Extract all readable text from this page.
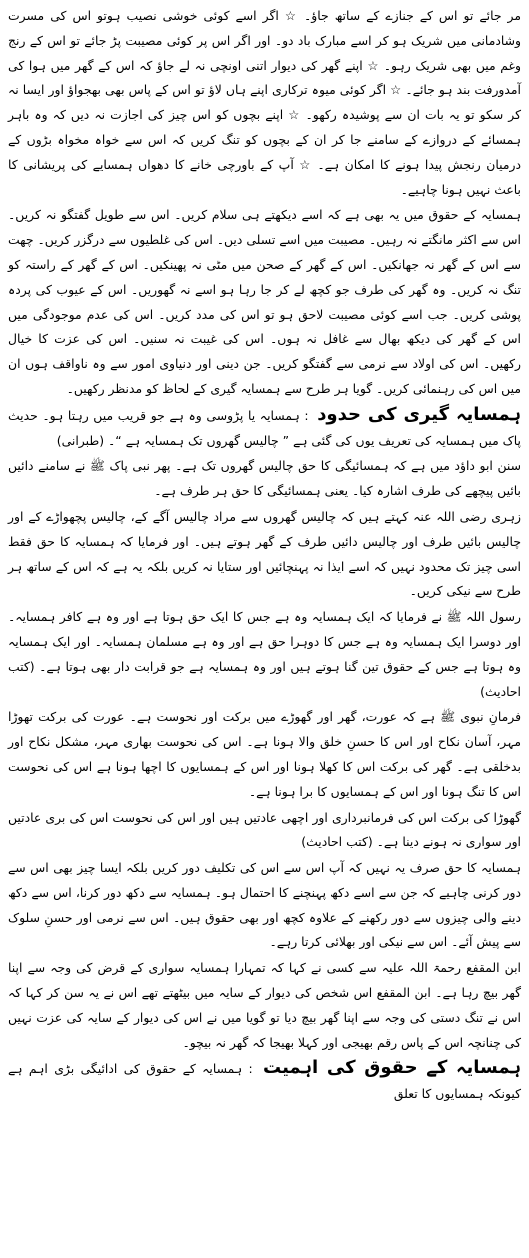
مر جائے تو اس کے جنازے کے ساتھ جاؤ۔ ☆ اگر اسے کوئی خوشی نصیب ہوتو اس کی مسرت وشادمانی میں شریک ہو کر اسے مبارک باد دو۔ اور اگر اس پر کوئی مصیبت پڑ جائے تو اس کے رنج وغم میں بھی شریک رہو۔ ☆ اپنے گھر کی دیوار اتنی اونچی نہ لے جاؤ کہ اس کے گھر میں ہوا کی آمدورفت بند ہو جائے۔ ☆ اگر کوئی میوہ ترکاری اپنے ہاں لاؤ تو اس کے پاس بھی بھجواؤ اور ایسا نہ کر سکو تو یہ بات ان سے پوشیدہ رکھو۔ ☆ اپنے بچوں کو اس چیز کی اجازت نہ دیں کہ وہ باہر ہمسائے کے دروازے کے سامنے جا کر ان کے بچوں کو تنگ کریں کہ اس سے خواہ مخواہ بڑوں کے درمیان رنجش پیدا ہونے کا امکان ہے۔ ☆ آپ کے باورچی خانے کا دھواں ہمسایے کی پریشانی کا باعث نہیں ہونا چاہیے۔

ہمسایہ کے حقوق میں یہ بھی ہے کہ اسے دیکھتے ہی سلام کریں۔ اس سے طویل گفتگو نہ کریں۔ اس سے اکثر مانگتے نہ رہیں۔ مصیبت میں اسے تسلی دیں۔ اس کی غلطیوں سے درگزر کریں۔ چھت سے اس کے گھر نہ جھانکیں۔ اس کے گھر کے صحن میں مٹی نہ پھینکیں۔ اس کے گھر کے راستہ کو تنگ نہ کریں۔ وہ گھر کی طرف جو کچھ لے کر جا رہا ہو اسے نہ گھوریں۔ اس کے عیوب کی پردہ پوشی کریں۔ جب اسے کوئی مصیبت لاحق ہو تو اس کی مدد کریں۔ اس کی عدم موجودگی میں اس کے گھر کی دیکھ بھال سے غافل نہ ہوں۔ اس کی غیبت نہ سنیں۔ اس کی عزت کا خیال رکھیں۔ اس کی اولاد سے نرمی سے گفتگو کریں۔ جن دینی اور دنیاوی امور سے وہ ناواقف ہوں ان میں اس کی رہنمائی کریں۔ گویا ہر طرح سے ہمسایہ گیری کے لحاظ کو مدنظر رکھیں۔

ہمسایہ گیری کی حدود : ہمسایہ یا پڑوسی وہ ہے جو قریب میں رہتا ہو۔ حدیث پاک میں ہمسایہ کی تعریف یوں کی گئی ہے ” چالیس گھروں تک ہمسایہ ہے “۔ (طبرانی)

سنن ابو داؤد میں ہے کہ ہمسائیگی کا حق چالیس گھروں تک ہے۔ پھر نبی پاک ﷺ نے سامنے دائیں بائیں پیچھے کی طرف اشارہ کیا۔ یعنی ہمسائیگی کا حق ہر طرف ہے۔

زہری رضی اللہ عنہ کہتے ہیں کہ چالیس گھروں سے مراد چالیس آگے کے، چالیس پچھواڑے کے اور چالیس بائیں طرف اور چالیس دائیں طرف کے گھر ہوتے ہیں۔ اور فرمایا کہ ہمسایہ کا حق فقط اسی چیز تک محدود نہیں کہ اسے ایذا نہ پہنچائیں اور ستایا نہ کریں بلکہ یہ ہے کہ اس کے ساتھ ہر طرح سے نیکی کریں۔

رسول اللہ ﷺ نے فرمایا کہ ایک ہمسایہ وہ ہے جس کا ایک حق ہوتا ہے اور وہ ہے کافر ہمسایہ۔ اور دوسرا ایک ہمسایہ وہ ہے جس کا دوہرا حق ہے اور وہ ہے مسلمان ہمسایہ۔ اور ایک ہمسایہ وہ ہوتا ہے جس کے حقوق تین گنا ہوتے ہیں اور وہ ہمسایہ ہے جو قرابت دار بھی ہوتا ہے۔ (کتب احادیث)

فرمانِ نبوی ﷺ ہے کہ عورت، گھر اور گھوڑے میں برکت اور نحوست ہے۔ عورت کی برکت تھوڑا مہر، آسان نکاح اور اس کا حسنِ خلق والا ہونا ہے۔ اس کی نحوست بھاری مہر، مشکل نکاح اور بدخلقی ہے۔ گھر کی برکت اس کا کھلا ہونا اور اس کے ہمسایوں کا اچھا ہونا ہے اس کی نحوست اس کا تنگ ہونا اور اس کے ہمسایوں کا برا ہونا ہے۔

گھوڑا کی برکت اس کی فرمانبرداری اور اچھی عادتیں ہیں اور اس کی نحوست اس کی بری عادتیں اور سواری نہ ہونے دینا ہے۔ (کتب احادیث)

ہمسایہ کا حق صرف یہ نہیں کہ آپ اس سے اس کی تکلیف دور کریں بلکہ ایسا چیز بھی اس سے دور کرنی چاہیے کہ جن سے اسے دکھ پہنچنے کا احتمال ہو۔ ہمسایہ سے دکھ دور کرنا، اس سے دکھ دینے والی چیزوں سے دور رکھنے کے علاوہ کچھ اور بھی حقوق ہیں۔ اس سے نرمی اور حسنِ سلوک سے پیش آئے۔ اس سے نیکی اور بھلائی کرتا رہے۔

ابن المقفع رحمۃ اللہ علیہ سے کسی نے کہا کہ تمہارا ہمسایہ سواری کے قرض کی وجہ سے اپنا گھر بیچ رہا ہے۔ ابن المقفع اس شخص کی دیوار کے سایہ میں بیٹھتے تھے اس نے یہ سن کر کہا کہ اس نے تنگ دستی کی وجہ سے اپنا گھر بیچ دیا تو گویا میں نے اس کی دیوار کے سایہ کی عزت نہیں کی چنانچہ اس کے پاس رقم بھیجی اور کہلا بھیجا کہ گھر نہ بیچو۔

ہمسایہ کے حقوق کی اہمیت : ہمسایہ کے حقوق کی ادائیگی بڑی اہم ہے کیونکہ ہمسایوں کا تعلق
